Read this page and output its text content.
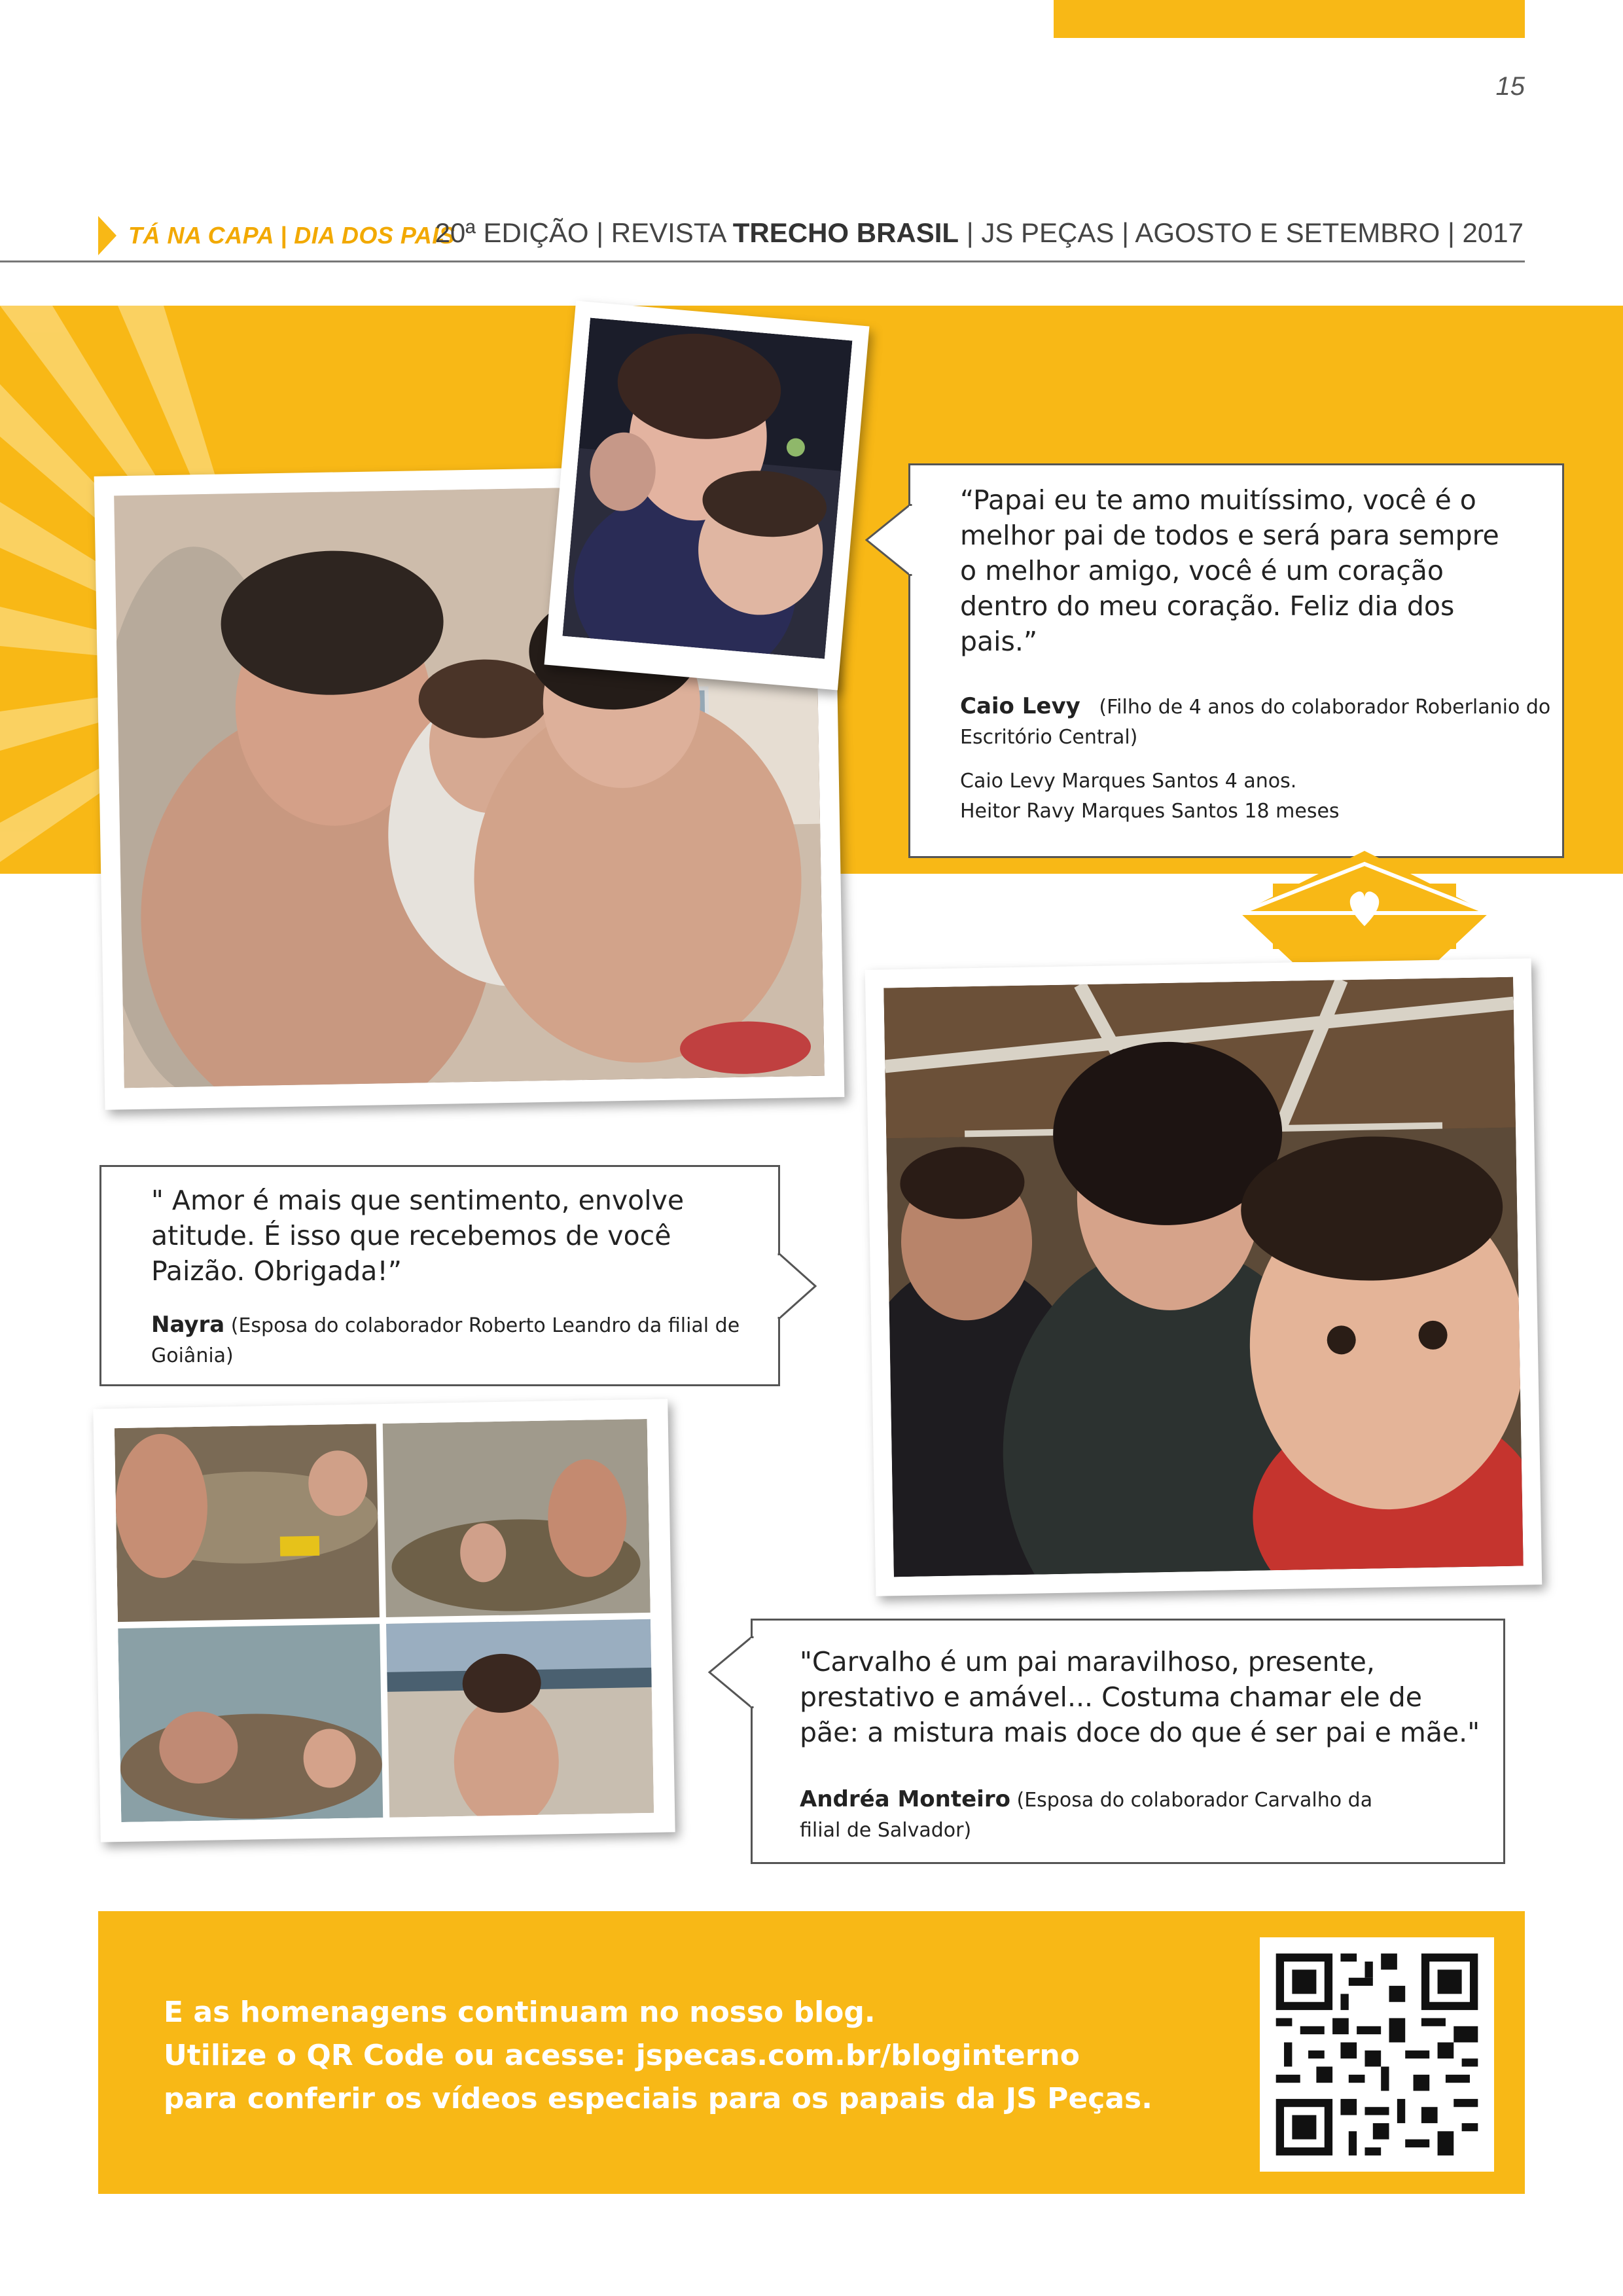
15
TÁ NA CAPA | DIA DOS PAIS
20ª EDIÇÃO | REVISTA TRECHO BRASIL | JS PEÇAS | AGOSTO E SETEMBRO | 2017
“Papai eu te amo muitíssimo, você é o
melhor pai de todos e será para sempre
o melhor amigo, você é um coração
dentro do meu coração. Feliz dia dos
pais.”
Caio Levy (Filho de 4 anos do colaborador Roberlanio do
Escritório Central)
Caio Levy Marques Santos 4 anos.
Heitor Ravy Marques Santos 18 meses
" Amor é mais que sentimento, envolve
atitude. É isso que recebemos de você
Paizão. Obrigada!”
Nayra (Esposa do colaborador Roberto Leandro da filial de
Goiânia)
"Carvalho é um pai maravilhoso, presente,
prestativo e amável... Costuma chamar ele de
pãe: a mistura mais doce do que é ser pai e mãe."
Andréa Monteiro (Esposa do colaborador Carvalho da
filial de Salvador)
E as homenagens continuam no nosso blog.
Utilize o QR Code ou acesse: jspecas.com.br/bloginterno
para conferir os vídeos especiais para os papais da JS Peças.
